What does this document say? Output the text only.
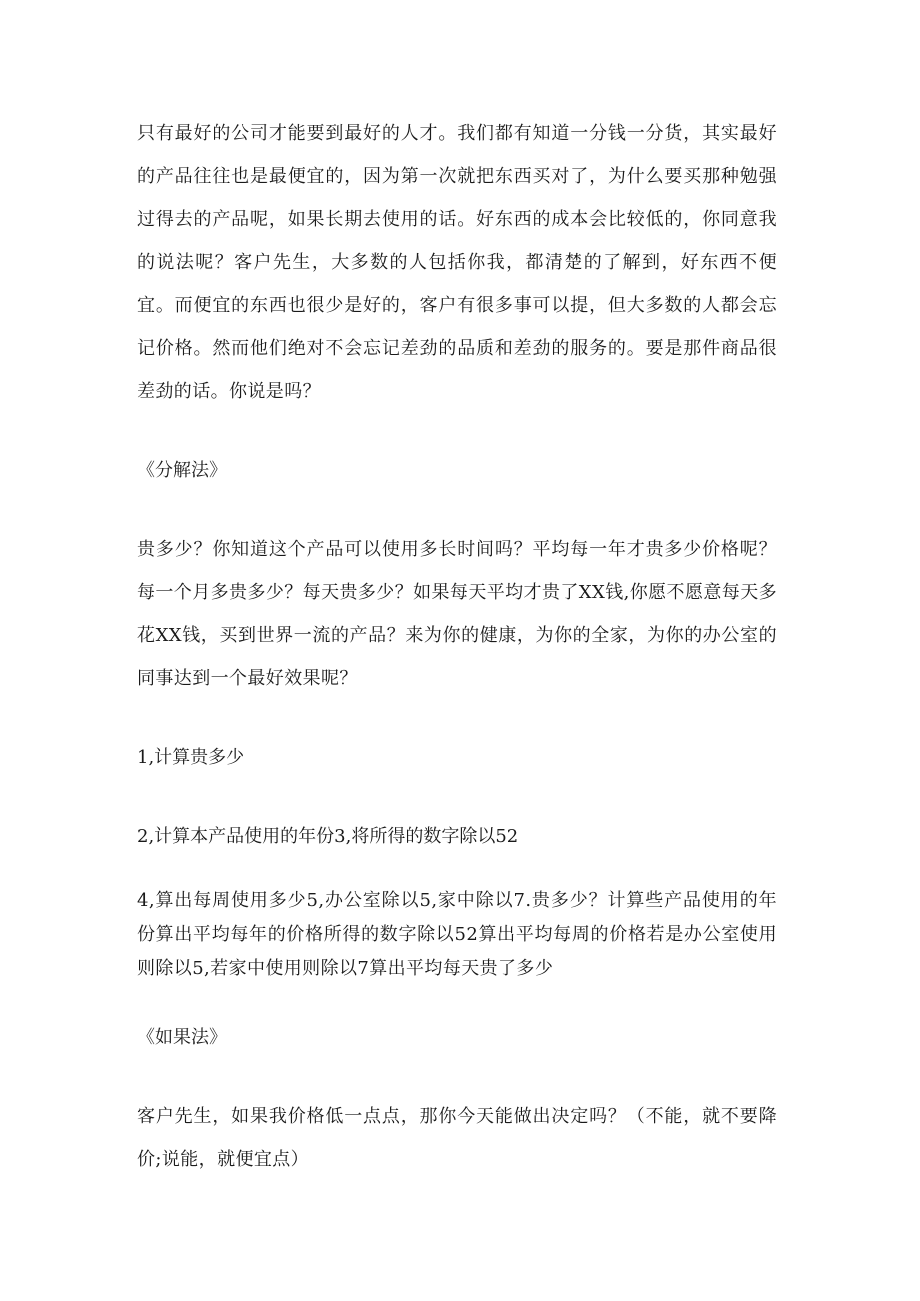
只有最好的公司才能要到最好的人才。我们都有知道一分钱一分货，其实最好的产品往往也是最便宜的，因为第一次就把东西买对了，为什么要买那种勉强过得去的产品呢，如果长期去使用的话。好东西的成本会比较低的，你同意我的说法呢？客户先生，大多数的人包括你我，都清楚的了解到，好东西不便宜。而便宜的东西也很少是好的，客户有很多事可以提，但大多数的人都会忘记价格。然而他们绝对不会忘记差劲的品质和差劲的服务的。要是那件商品很差劲的话。你说是吗？

《分解法》

贵多少？你知道这个产品可以使用多长时间吗？平均每一年才贵多少价格呢？每一个月多贵多少？每天贵多少？如果每天平均才贵了XX钱,你愿不愿意每天多花XX钱，买到世界一流的产品？来为你的健康，为你的全家，为你的办公室的同事达到一个最好效果呢？

1,计算贵多少

2,计算本产品使用的年份3,将所得的数字除以52

4,算出每周使用多少5,办公室除以5,家中除以7.贵多少？计算些产品使用的年份算出平均每年的价格所得的数字除以52算出平均每周的价格若是办公室使用则除以5,若家中使用则除以7算出平均每天贵了多少

《如果法》

客户先生，如果我价格低一点点，那你今天能做出决定吗？（不能，就不要降价;说能，就便宜点）
